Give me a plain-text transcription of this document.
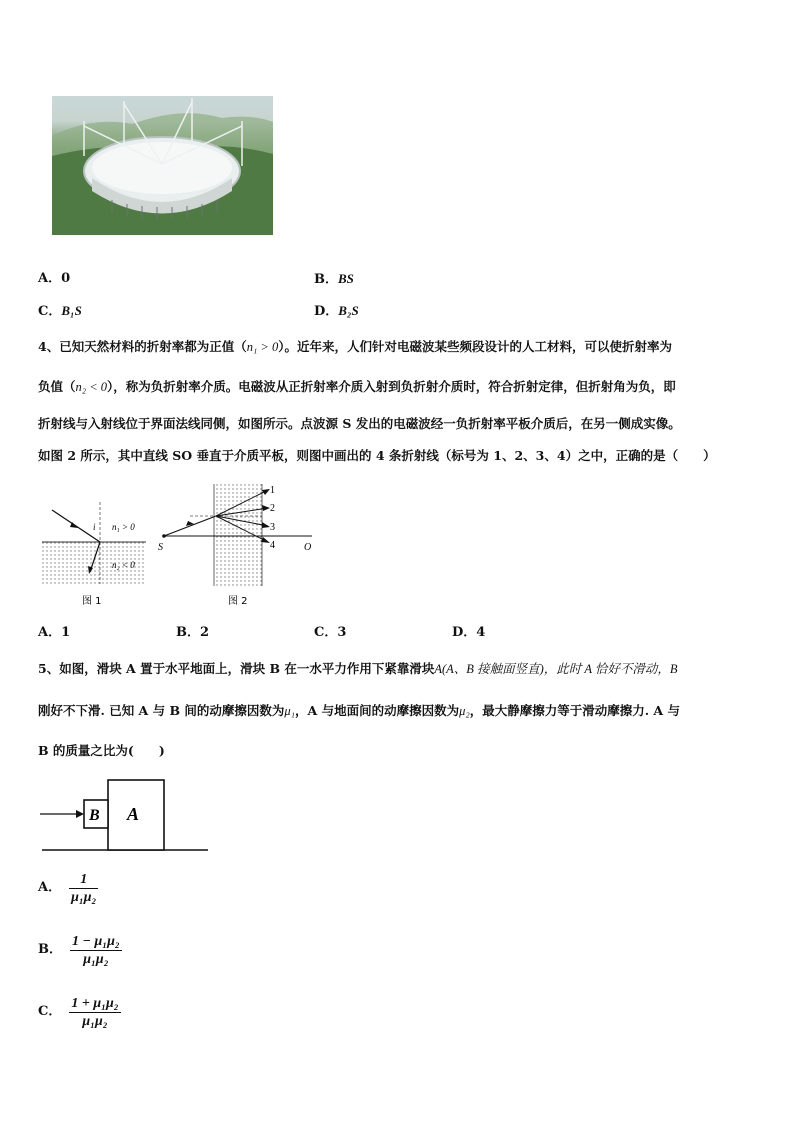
A．0	B．BS
C．B₁S	D．B₂S
4、已知天然材料的折射率都为正值（n₁ > 0）。近年来，人们针对电磁波某些频段设计的人工材料，可以使折射率为
负值（n₂ < 0），称为负折射率介质。电磁波从正折射率介质入射到负折射介质时，符合折射定律，但折射角为负，即
折射线与入射线位于界面法线同侧，如图所示。点波源 S 发出的电磁波经一负折射率平板介质后，在另一侧成实像。
如图 2 所示，其中直线 SO 垂直于介质平板，则图中画出的 4 条折射线（标号为 1、2、3、4）之中，正确的是（　　）
i n₁ > 0
n₂ < 0
图 1
1
2
3
4
S	O
图 2
A．1	B．2	C．3	D．4
5、如图，滑块 A 置于水平地面上，滑块 B 在一水平力作用下紧靠滑块A(A、B 接触面竖直)，此时 A 恰好不滑动，B
刚好不下滑. 已知 A 与 B 间的动摩擦因数为μ₁，A 与地面间的动摩擦因数为μ₂，最大静摩擦力等于滑动摩擦力. A 与
B 的质量之比为(　　)
B A
A． $\frac{1}{\text{μ₁μ₂}}$
B． $\frac{\text{1 − μ₁μ₂}}{\text{μ₁μ₂}}$
C． $\frac{\text{1 + μ₁μ₂}}{\text{μ₁μ₂}}$
